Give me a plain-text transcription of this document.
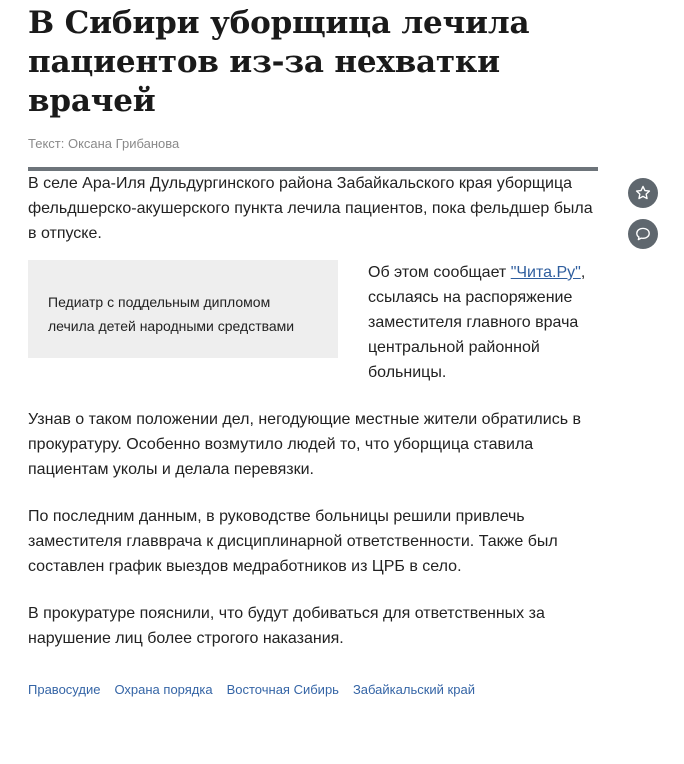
В Сибири уборщица лечила пациентов из-за нехватки врачей
Текст: Оксана Грибанова

В селе Ара-Иля Дульдургинского района Забайкальского края уборщица фельдшерско-акушерского пункта лечила пациентов, пока фельдшер была в отпуске.

Педиатр с поддельным дипломом лечила детей народными средствами

Об этом сообщает "Чита.Ру", ссылаясь на распоряжение заместителя главного врача центральной районной больницы.

Узнав о таком положении дел, негодующие местные жители обратились в прокуратуру. Особенно возмутило людей то, что уборщица ставила пациентам уколы и делала перевязки.

По последним данным, в руководстве больницы решили привлечь заместителя главврача к дисциплинарной ответственности. Также был составлен график выездов медработников из ЦРБ в село.

В прокуратуре пояснили, что будут добиваться для ответственных за нарушение лиц более строгого наказания.

Правосудие Охрана порядка Восточная Сибирь Забайкальский край
